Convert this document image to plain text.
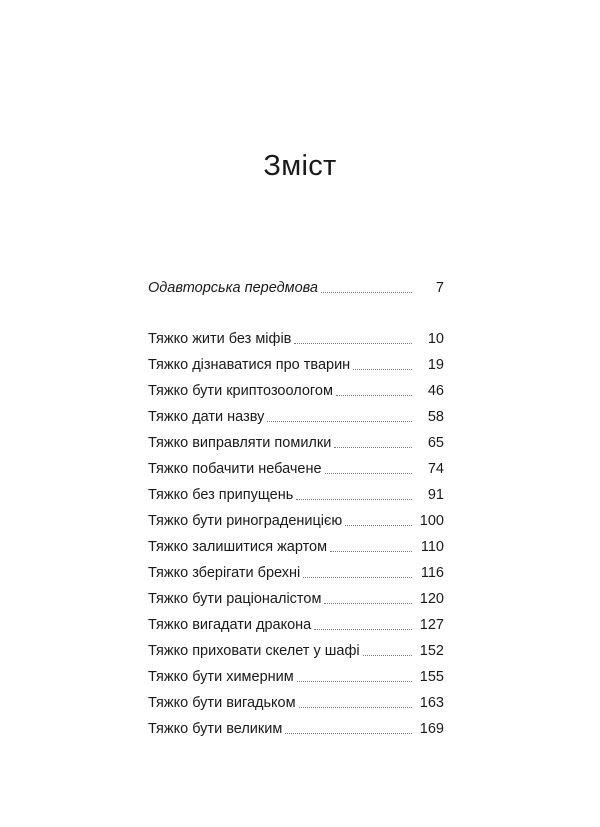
Зміст
Одавторська передмова	7
Тяжко жити без міфів	10
Тяжко дізнаватися про тварин	19
Тяжко бути криптозоологом	46
Тяжко дати назву	58
Тяжко виправляти помилки	65
Тяжко побачити небачене	74
Тяжко без припущень	91
Тяжко бути ринограденицією	100
Тяжко залишитися жартом	110
Тяжко зберігати брехні	116
Тяжко бути раціоналістом	120
Тяжко вигадати дракона	127
Тяжко приховати скелет у шафі	152
Тяжко бути химерним	155
Тяжко бути вигадьком	163
Тяжко бути великим	169
